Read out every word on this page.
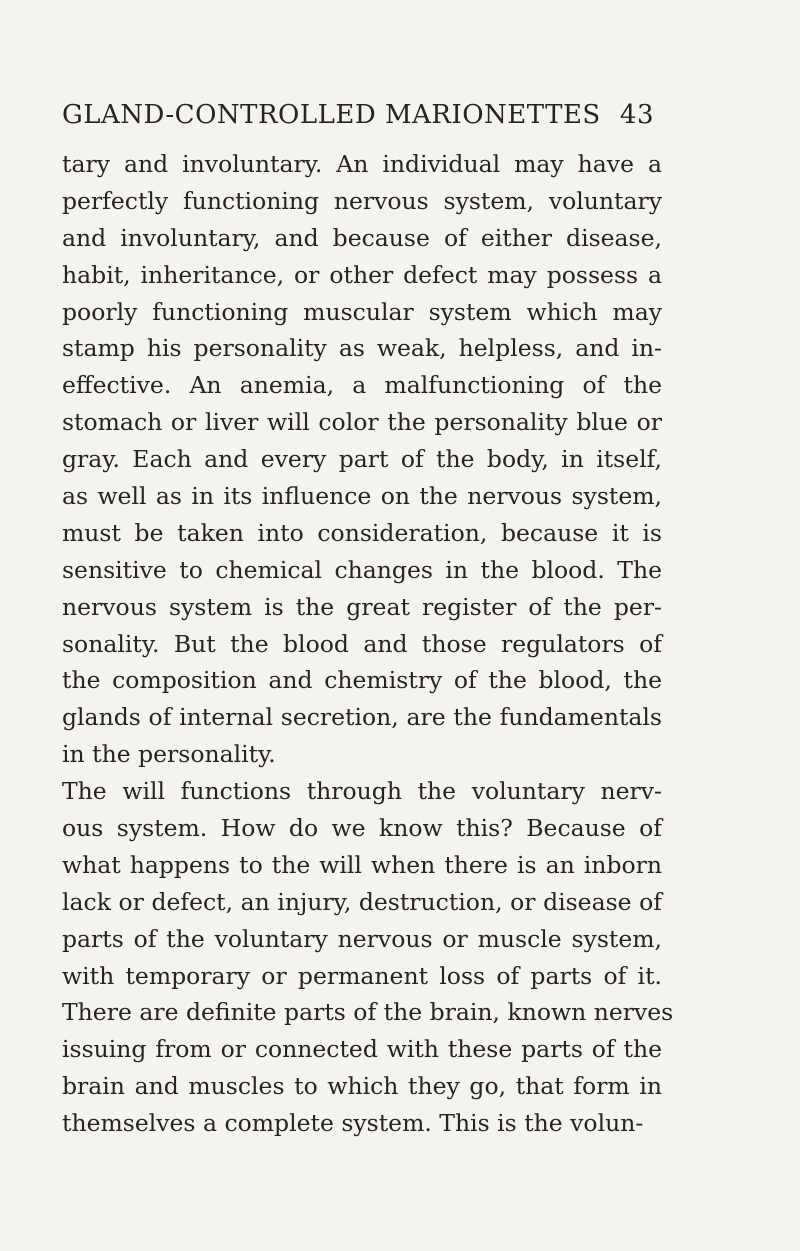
GLAND-CONTROLLED MARIONETTES 43
tary and involuntary. An individual may have a
perfectly functioning nervous system, voluntary
and involuntary, and because of either disease,
habit, inheritance, or other defect may possess a
poorly functioning muscular system which may
stamp his personality as weak, helpless, and in-
effective. An anemia, a malfunctioning of the
stomach or liver will color the personality blue or
gray. Each and every part of the body, in itself,
as well as in its influence on the nervous system,
must be taken into consideration, because it is
sensitive to chemical changes in the blood. The
nervous system is the great register of the per-
sonality. But the blood and those regulators of
the composition and chemistry of the blood, the
glands of internal secretion, are the fundamentals
in the personality.
The will functions through the voluntary nerv-
ous system. How do we know this? Because of
what happens to the will when there is an inborn
lack or defect, an injury, destruction, or disease of
parts of the voluntary nervous or muscle system,
with temporary or permanent loss of parts of it.
There are definite parts of the brain, known nerves
issuing from or connected with these parts of the
brain and muscles to which they go, that form in
themselves a complete system. This is the volun-
